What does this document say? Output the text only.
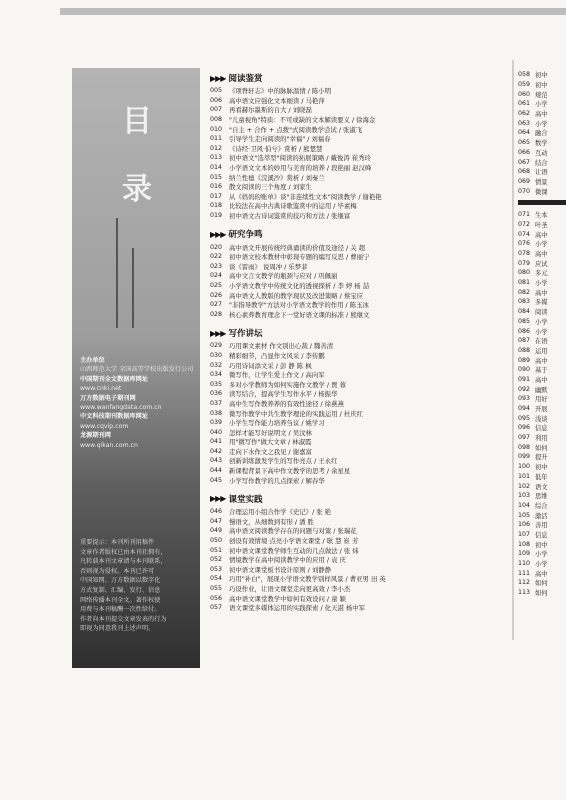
目
录
主办单位
山西师范大学 全国高等学校出版发行公司
中国期刊全文数据库网址
www.cnki.net
万方数据电子期刊网
www.wanfangdata.com.cn
中文科技期刊数据库网址
www.cqvip.com
龙源期刊网
www.qikan.com.cn
重要提示：本刊所刊用稿件
文章作者版权已由本刊社拥有，
凡转载本刊文章请与本刊联系，
否则视为侵权。本刊已许可
中国知网、万方数据以数字化
方式复制、汇编、发行、信息
网络传播本刊全文。著作权使
用费与本刊稿酬一次性给付。
作者向本刊提交文章发表的行为
即视为同意我刊上述声明。
▶▶▶ 阅读鉴赏
005	《项脊轩志》中的脉脉温情 / 陈小明
006	高中语文应强化文本细读 / 马艳萍
007	再看赫尔墨斯的自大 / 刘晓磊
008	"儿童视角"特质：不可或缺的文本解读要义 / 徐海金
010	"自主 + 合作 + 点拨"式阅读教学尝试 / 张淑飞
011	引导学生走向阅读的"幸福" / 刘福春
012	《诗经·卫风·伯兮》赏析 / 熊楚慧
013	初中语文"选萃型"阅读的拓展策略 / 戴俊涛 崔秀玲
014	小学语文文本的妙用与美育的培养 / 段艳丽 赵汉峰
015	纳兰性德《浣溪沙》赏析 / 刘秦兰
016	散文阅读的三个角度 / 刘家生
017	从《妈妈的账单》谈"非连续性文本"阅读教学 / 谢艳艳
018	比较法在高中古典诗歌鉴赏中的运用 / 毕素梅
019	初中语文古诗词鉴赏的技巧和方法 / 张继富
▶▶▶ 研究争鸣
020	高中语文开展传统经典诵读的价值及途径 / 关 超
022	初中语文校本教材中彰现专题的编写反思 / 曹丽宁
023	谈《雷雨》 说周冲 / 乐梦菲
024	高中文言文教学的瓶颈与应对 / 巩佩丽
025	小学语文教学中传统文化的透视探析 / 李 婷 杨 喆
026	高中语文人教版的教学现状及改进策略 / 蔡宝应
027	"非指导教学"方法对小学语文教学的作用 / 陈玉冰
028	核心素养教育理念下一堂好语文课的标准 / 熊继文
▶▶▶ 写作讲坛
029	巧用课文素材 作文别出心裁 / 魏善清
030	精彩细节，凸显作文风采 / 李传鹏
032	巧用诗词添文采 / 彭 静 陈 枫
034	微写作，让学生爱上作文 / 高向军
035	多对小学教师为如何实施作文教学 / 贾 蓉
036	读写结合，提高学生写作水平 / 杨振华
037	高中生写作教养养的有效性途径 / 徐燕燕
038	微写作教学中共生教学理论的实践运用 / 杜庆红
039	小学生写作能力培养刍议 / 姚学习
040	怎样才能写好说明文 / 吴汶林
041	用"微写作"做大文章 / 林淑霞
042	走向下水作文之我见 / 谢嘉富
043	创新训练激发学生的写作亮点 / 王永红
044	新课程背景下高中作文教学的思考 / 余星星
045	小学写作教学的几点探索 / 解春华
▶▶▶ 课堂实践
046	合理运用小组合作学《史记》/ 张 艳
047	慢语文，从细数到有形 / 潘 胜
049	高中语文阅读教学存在的问题与对策 / 张瑞花
050	创设有效情境 点亮小学语文课堂 / 耿 慧 崔 芳
051	初中语文课堂教学师生互动的几点做法 / 张 炜
052	情境教学在高中阅读教学中的应用 / 袁 庆
053	初中语文课堂板书设计原则 / 刘静静
054	巧用"补白"，展现小学语文教学别样风景 / 曹亚男 田 英
055	巧设作业，让语文课堂走向更高效 / 李小杰
056	高中语文课堂教学中如何有效设问 / 童 颖
057	语文课堂多媒体运用的实践探索 / 化天湛 杨中军
058 初中
059 初中
060 规范
061 小学
062 高中
063 小学
064 融合
065 数学
066 互动
067 结合
068 让语
069 情景
070 微课
071 生本
072 叶圣
074 高中
076 小学
078 高中
079 应试
080 多元
081 小学
082 高中
083 多媒
084 阅读
085 小学
086 小学
087 在语
088 运用
089 高中
090 基于
091 高中
092 幽默
093 用好
094 开展
095 浅谈
096 信息
097 利用
098 如何
099 提升
100 初中
101 低年
102 语文
103 思维
104 综合
105 激活
106 善用
107 信息
108 初中
109 小学
110 小学
111 高中
112 如何
113 如何
